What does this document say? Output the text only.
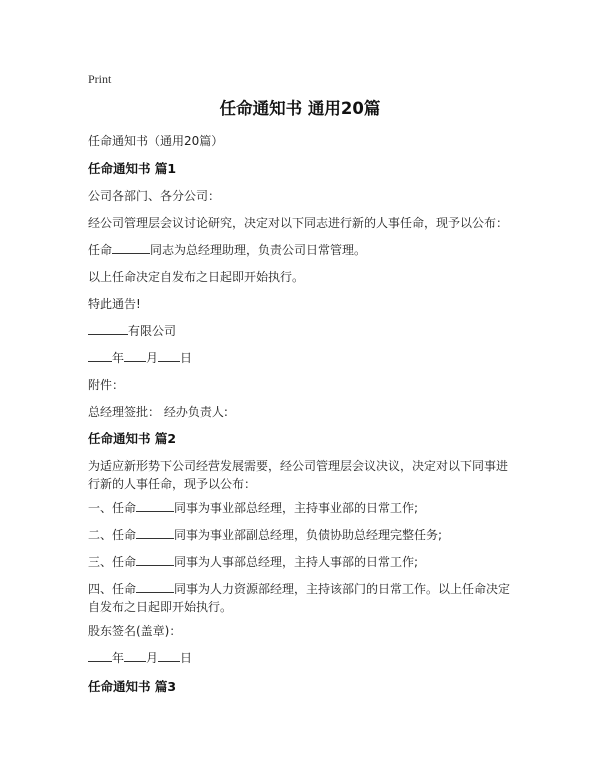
Print
任命通知书 通用20篇
任命通知书（通用20篇）
任命通知书 篇1
公司各部门、各分公司：
经公司管理层会议讨论研究，决定对以下同志进行新的人事任命，现予以公布：
任命	同志为总经理助理，负责公司日常管理。
以上任命决定自发布之日起即开始执行。
特此通告!
有限公司
年 月 日
附件：
总经理签批： 经办负责人:
任命通知书 篇2
为适应新形势下公司经营发展需要，经公司管理层会议决议，决定对以下同事进行新的人事任命，现予以公布：
一、任命	同事为事业部总经理，主持事业部的日常工作;
二、任命	同事为事业部副总经理，负债协助总经理完整任务;
三、任命	同事为人事部总经理，主持人事部的日常工作;
四、任命	同事为人力资源部经理，主持该部门的日常工作。以上任命决定自发布之日起即开始执行。
股东签名(盖章)：
年 月 日
任命通知书 篇3
